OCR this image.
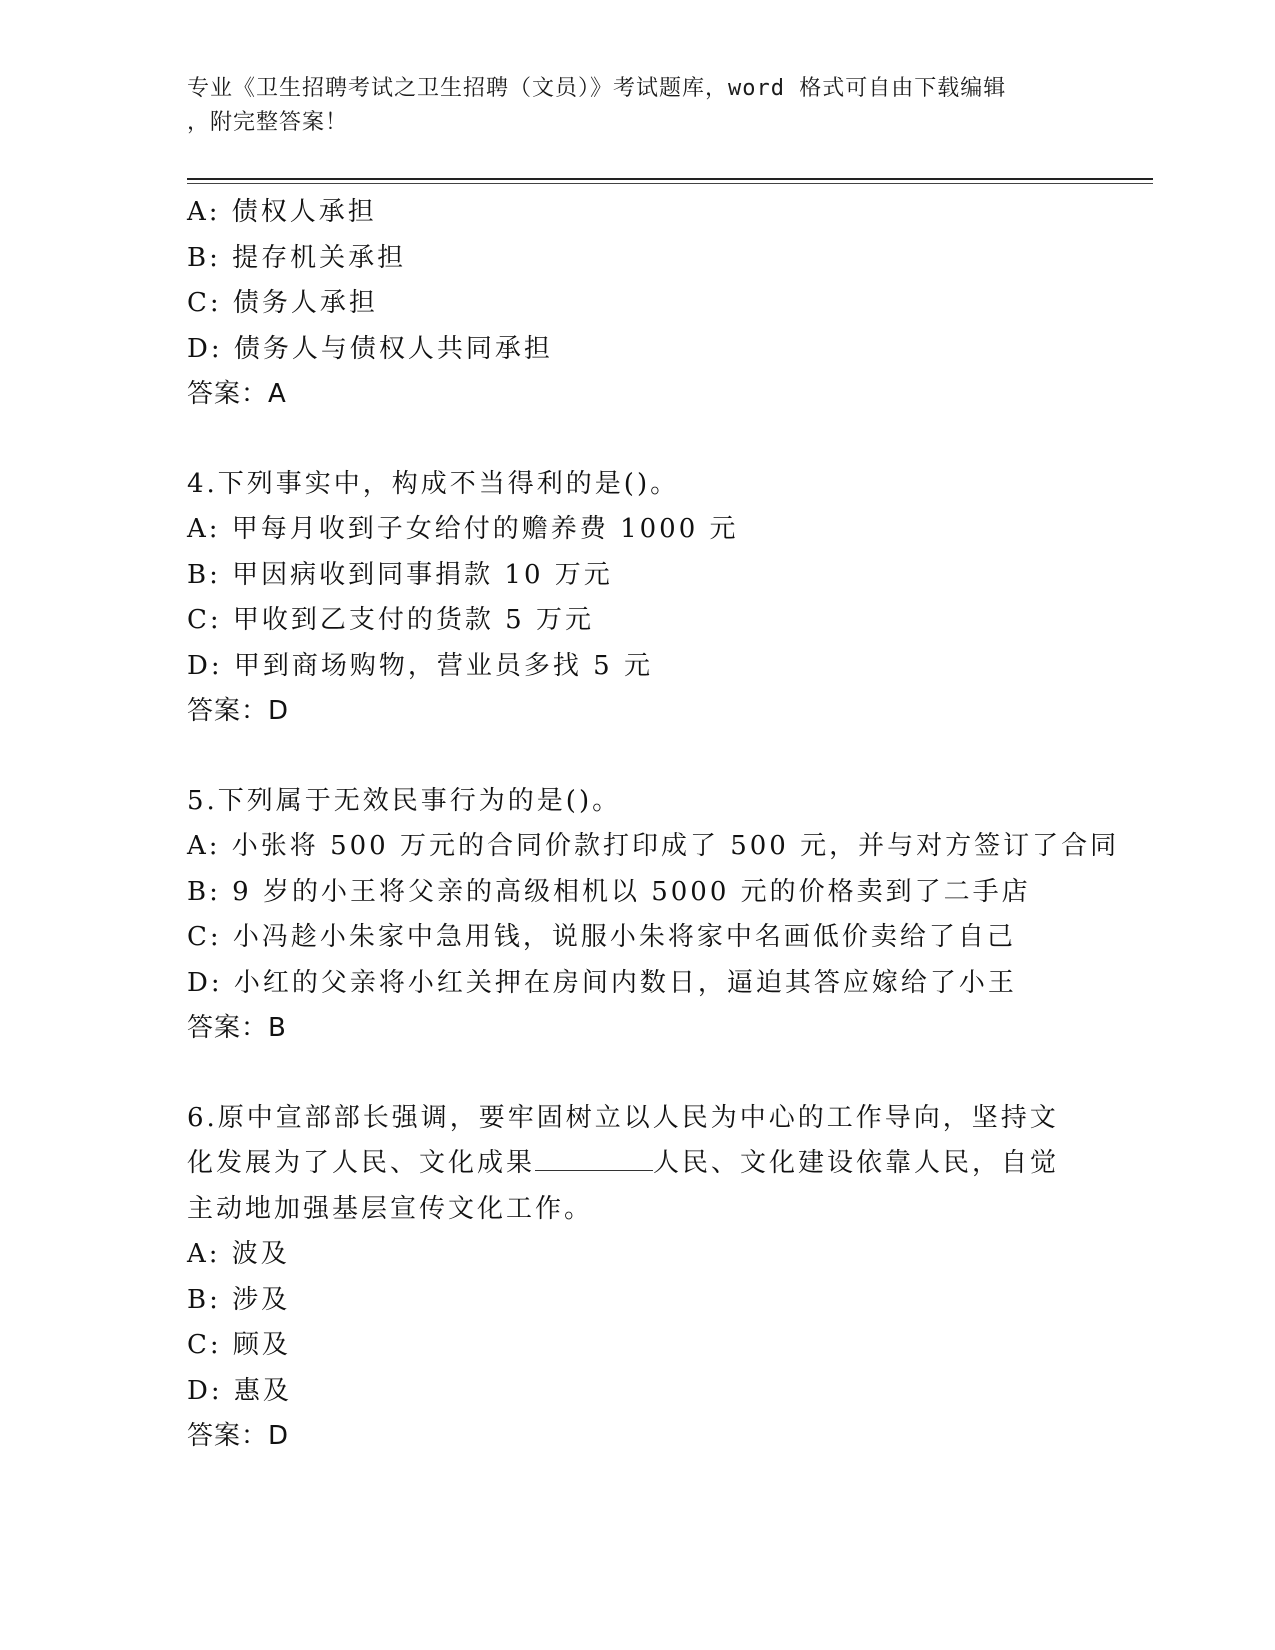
专业《卫生招聘考试之卫生招聘（文员）》考试题库，word 格式可自由下载编辑
，附完整答案！
A: 债权人承担
B: 提存机关承担
C: 债务人承担
D: 债务人与债权人共同承担
答案：A
4.下列事实中，构成不当得利的是()。
A: 甲每月收到子女给付的赡养费 1000 元
B: 甲因病收到同事捐款 10 万元
C: 甲收到乙支付的货款 5 万元
D: 甲到商场购物，营业员多找 5 元
答案：D
5.下列属于无效民事行为的是()。
A: 小张将 500 万元的合同价款打印成了 500 元，并与对方签订了合同
B: 9 岁的小王将父亲的高级相机以 5000 元的价格卖到了二手店
C: 小冯趁小朱家中急用钱，说服小朱将家中名画低价卖给了自己
D: 小红的父亲将小红关押在房间内数日，逼迫其答应嫁给了小王
答案：B
6.原中宣部部长强调，要牢固树立以人民为中心的工作导向，坚持文化发展为了人民、文化成果	人民、文化建设依靠人民，自觉主动地加强基层宣传文化工作。
A: 波及
B: 涉及
C: 顾及
D: 惠及
答案：D
